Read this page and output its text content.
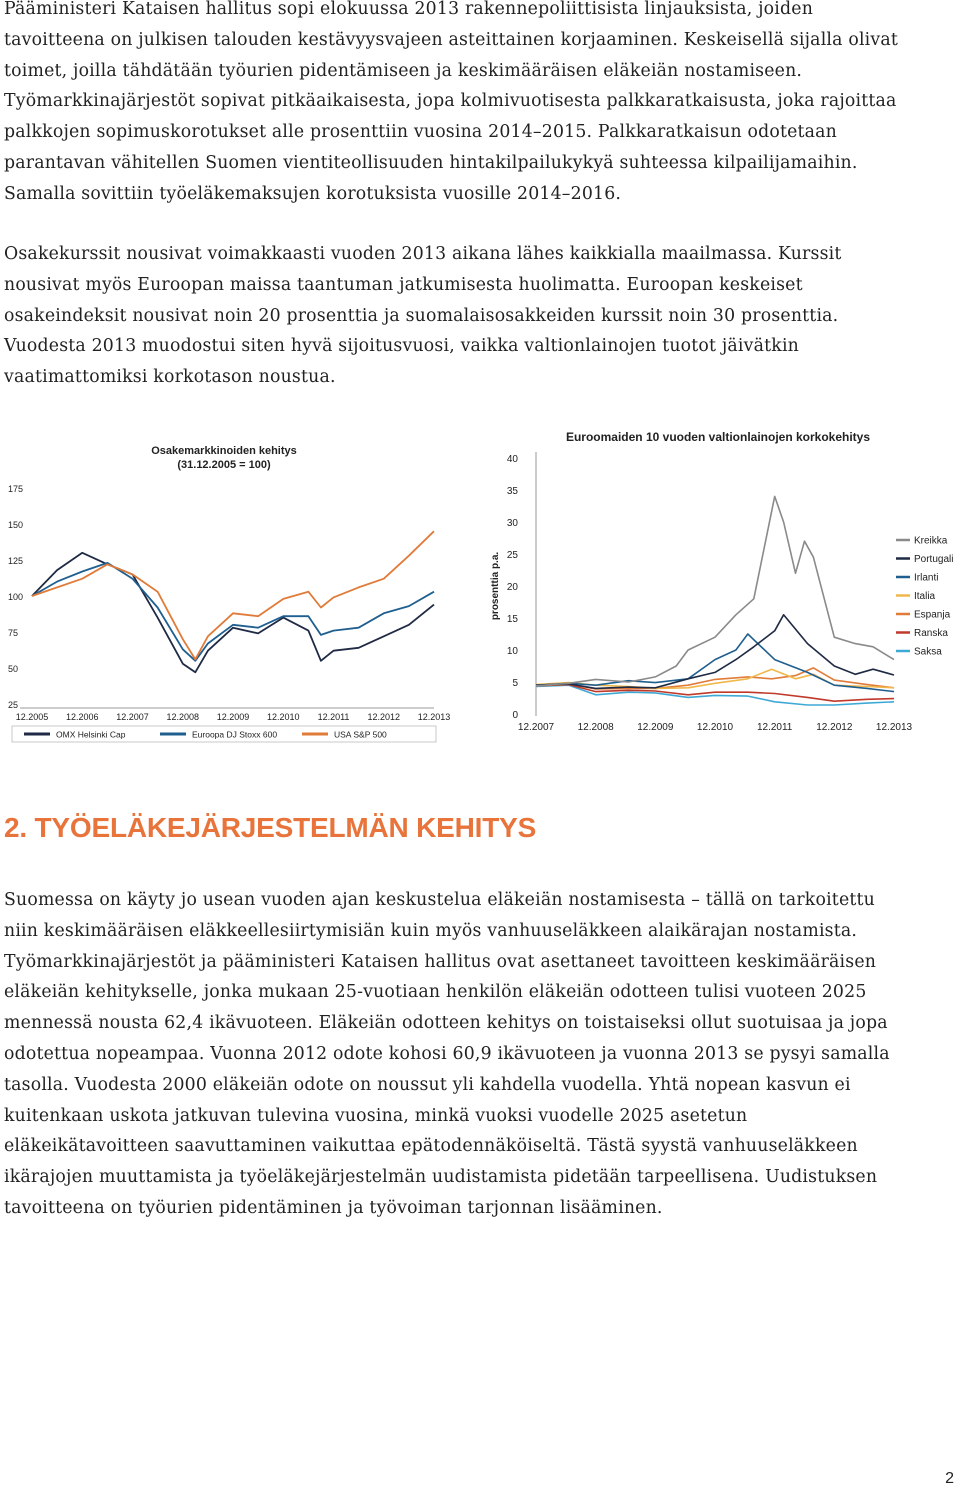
Pääministeri Kataisen hallitus sopi elokuussa 2013 rakennepoliittisista linjauksista, joiden tavoitteena on julkisen talouden kestävyysvajeen asteittainen korjaaminen. Keskeisellä sijalla olivat toimet, joilla tähdätään työurien pidentämiseen ja keskimääräisen eläkeiän nostamiseen. Työmarkkinajärjestöt sopivat pitkäaikaisesta, jopa kolmivuotisesta palkkaratkaisusta, joka rajoittaa palkkojen sopimuskorotukset alle prosenttiin vuosina 2014–2015. Palkkaratkaisun odotetaan parantavan vähitellen Suomen vientiteollisuuden hintakilpailukykyä suhteessa kilpailijamaihin. Samalla sovittiin työeläkemaksujen korotuksista vuosille 2014–2016.

Osakekurssit nousivat voimakkaasti vuoden 2013 aikana lähes kaikkialla maailmassa. Kurssit nousivat myös Euroopan maissa taantuman jatkumisesta huolimatta. Euroopan keskeiset osakeindeksit nousivat noin 20 prosenttia ja suomalaisosakkeiden kurssit noin 30 prosenttia. Vuodesta 2013 muodostui siten hyvä sijoitusvuosi, vaikka valtionlainojen tuotot jäivätkin vaatimattomiksi korkotason noustua.

Osakemarkkinoiden kehitys
(31.12.2005 = 100)
25
50
75
100
125
150
175
12.2005 12.2006 12.2007 12.2008 12.2009 12.2010 12.2011 12.2012 12.2013
OMX Helsinki Cap	Euroopa DJ Stoxx 600	USA S&P 500
Euroomaiden 10 vuoden valtionlainojen korkokehitys
prosenttia p.a.
0
5
10
15
20
25
30
35
40
12.2007 12.2008 12.2009 12.2010 12.2011 12.2012 12.2013
Kreikka
Portugali
Irlanti
Italia
Espanja
Ranska
Saksa
2. TYÖELÄKEJÄRJESTELMÄN KEHITYS

Suomessa on käyty jo usean vuoden ajan keskustelua eläkeiän nostamisesta – tällä on tarkoitettu niin keskimääräisen eläkkeellesiirtymisiän kuin myös vanhuuseläkkeen alaikärajan nostamista. Työmarkkinajärjestöt ja pääministeri Kataisen hallitus ovat asettaneet tavoitteen keskimääräisen eläkeiän kehitykselle, jonka mukaan 25-vuotiaan henkilön eläkeiän odotteen tulisi vuoteen 2025 mennessä nousta 62,4 ikävuoteen. Eläkeiän odotteen kehitys on toistaiseksi ollut suotuisaa ja jopa odotettua nopeampaa. Vuonna 2012 odote kohosi 60,9 ikävuoteen ja vuonna 2013 se pysyi samalla tasolla. Vuodesta 2000 eläkeiän odote on noussut yli kahdella vuodella. Yhtä nopean kasvun ei kuitenkaan uskota jatkuvan tulevina vuosina, minkä vuoksi vuodelle 2025 asetetun eläkeikätavoitteen saavuttaminen vaikuttaa epätodennäköiseltä. Tästä syystä vanhuuseläkkeen ikärajojen muuttamista ja työeläkejärjestelmän uudistamista pidetään tarpeellisena. Uudistuksen tavoitteena on työurien pidentäminen ja työvoiman tarjonnan lisääminen.

2
